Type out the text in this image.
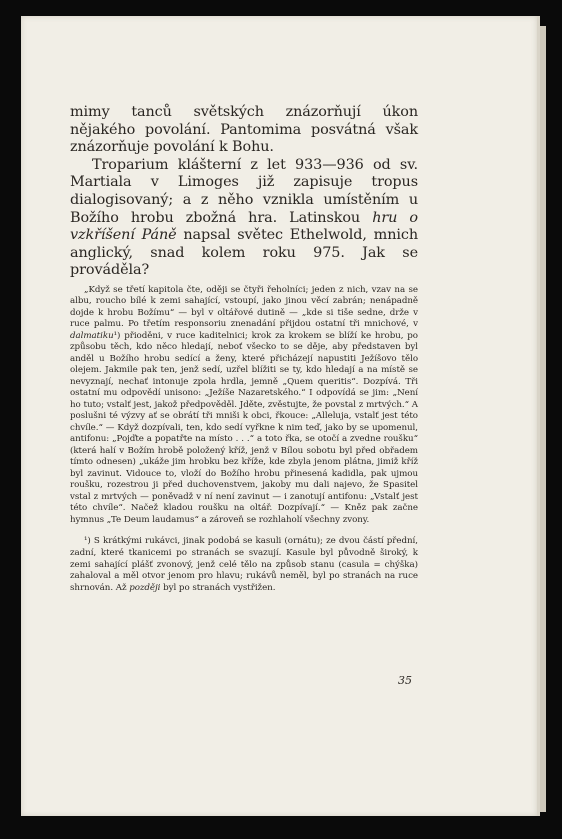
mimy tanců světských znázorňují úkon nějakého povolání. Pantomima posvátná však znázorňuje povolání k Bohu.

Troparium klášterní z let 933—936 od sv. Martiala v Limoges již zapisuje tropus dialogisovaný; a z něho vznikla umístěním u Božího hrobu zbožná hra. Latinskou hru o vzkříšení Páně napsal světec Ethelwold, mnich anglický, snad kolem roku 975. Jak se prováděla?

„Když se třetí kapitola čte, oději se čtyři řeholníci; jeden z nich, vzav na se albu, roucho bílé k zemi sahající, vstoupí, jako jinou věcí zabrán; nenápadně dojde k hrobu Božímu“ — byl v oltářové dutině — „kde si tiše sedne, drže v ruce palmu. Po třetím responsoriu znenadání přijdou ostatní tři mnichové, v dalmatiku¹) přioděni, v ruce kaditelnici; krok za krokem se blíží ke hrobu, po způsobu těch, kdo něco hledají, neboť všecko to se děje, aby představen byl anděl u Božího hrobu sedící a ženy, které přicházejí napustiti Ježíšovo tělo olejem. Jakmile pak ten, jenž sedí, uzřel blížiti se ty, kdo hledají a na místě se nevyznají, nechať intonuje zpola hrdla, jemně „Quem queritis“. Dozpívá. Tři ostatní mu odpovědí unisono: „Ježíše Nazaretského.“ I odpovídá se jim: „Není ho tuto; vstalť jest, jakož předpověděl. Jděte, zvěstujte, že povstal z mrtvých.“ A poslušni té výzvy ať se obrátí tři mniši k obci, řkouce: „Alleluja, vstalť jest této chvíle.“ — Když dozpívali, ten, kdo sedí vyřkne k nim teď, jako by se upomenul, antifonu: „Pojďte a popatřte na místo . . .“ a toto řka, se otočí a zvedne roušku“ (která halí v Božím hrobě položený kříž, jenž v Bílou sobotu byl před obřadem tímto odnesen) „ukáže jim hrobku bez kříže, kde zbyla jenom plátna, jimiž kříž byl zavinut. Vidouce to, vloží do Božího hrobu přinesená kadidla, pak ujmou roušku, rozestrou ji před duchovenstvem, jakoby mu dali najevo, že Spasitel vstal z mrtvých — poněvadž v ní není zavinut — i zanotují antifonu: „Vstalť jest této chvíle“. Načež kladou roušku na oltář. Dozpívají.“ — Kněz pak začne hymnus „Te Deum laudamus“ a zároveň se rozhlaholí všechny zvony.

¹) S krátkými rukávci, jinak podobá se kasuli (ornátu); ze dvou částí přední, zadní, které tkanicemi po stranách se svazují. Kasule byl původně široký, k zemi sahající plášť zvonový, jenž celé tělo na způsob stanu (casula = chýška) zahaloval a měl otvor jenom pro hlavu; rukávů neměl, byl po stranách na ruce shrnován. Až později byl po stranách vystřižen.

35
